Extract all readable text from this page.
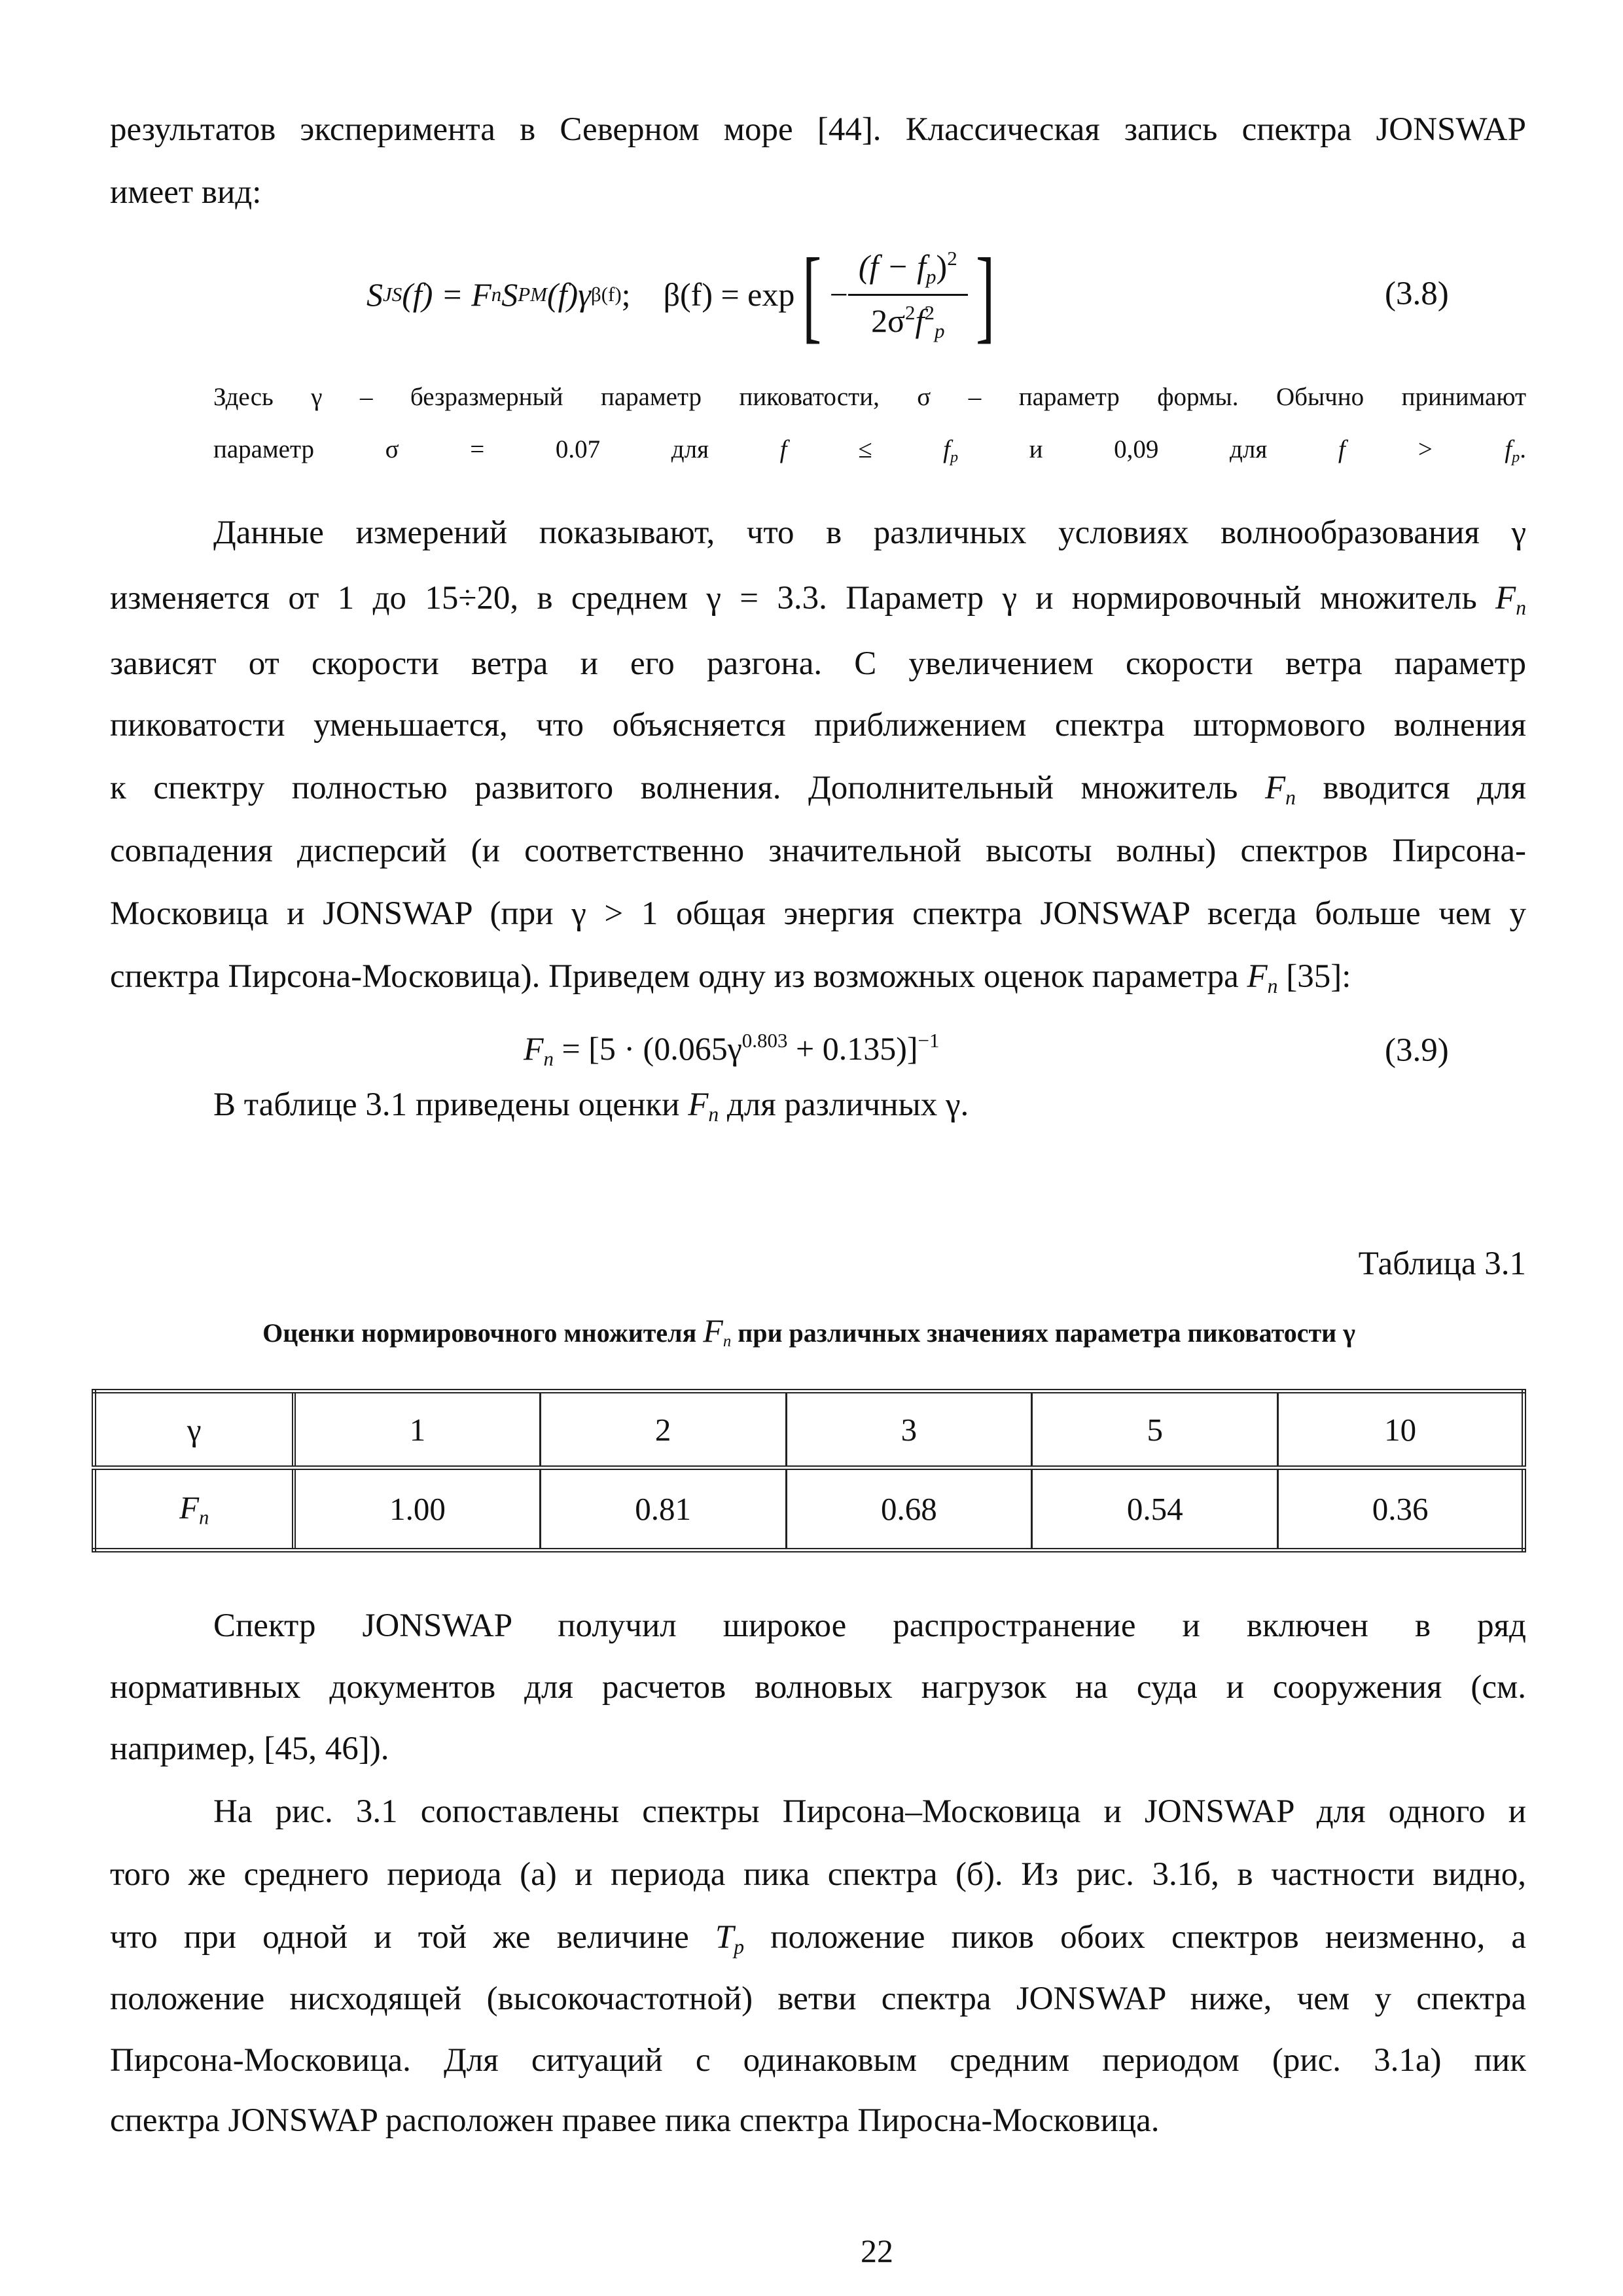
результатов эксперимента в Северном море [44]. Классическая запись спектра JONSWAP

имеет вид:

S JS (f) = F n S PM (f)γ β(f) ; β(f) = exp [ − $\frac{(f - f_p)^2}{2\sigma^2f^2_p}$ ]	(3.8)

Здесь γ – безразмерный параметр пиковатости, σ – параметр формы. Обычно принимают

параметр σ = 0.07 для $f \le f_p$ и 0,09 для $f > f_p$.

Данные измерений показывают, что в различных условиях волнообразования γ

изменяется от 1 до 15÷20, в среднем γ = 3.3. Параметр γ и нормировочный множитель $F_n$

зависят от скорости ветра и его разгона. С увеличением скорости ветра параметр

пиковатости уменьшается, что объясняется приближением спектра штормового волнения

к спектру полностью развитого волнения. Дополнительный множитель $F_n$ вводится для

совпадения дисперсий (и соответственно значительной высоты волны) спектров Пирсона-

Московица и JONSWAP (при γ > 1 общая энергия спектра JONSWAP всегда больше чем у

спектра Пирсона-Московица). Приведем одну из возможных оценок параметра $F_n$ [35]:

$F_n = [5 \cdot (0.065\gamma^{0.803} + 0.135)]^{-1}$	(3.9)

В таблице 3.1 приведены оценки $F_n$ для различных γ.

Таблица 3.1
Оценки нормировочного множителя $F_n$ при различных значениях параметра пиковатости γ
γ	1	2	3	5	10
$F_n$	1.00	0.81	0.68	0.54	0.36

Спектр JONSWAP получил широкое распространение и включен в ряд

нормативных документов для расчетов волновых нагрузок на суда и сооружения (см.

например, [45, 46]).

На рис. 3.1 сопоставлены спектры Пирсона–Московица и JONSWAP для одного и

того же среднего периода (а) и периода пика спектра (б). Из рис. 3.1б, в частности видно,

что при одной и той же величине $T_p$ положение пиков обоих спектров неизменно, а

положение нисходящей (высокочастотной) ветви спектра JONSWAP ниже, чем у спектра

Пирсона-Московица. Для ситуаций с одинаковым средним периодом (рис. 3.1а) пик

спектра JONSWAP расположен правее пика спектра Пиросна-Московица.

22
